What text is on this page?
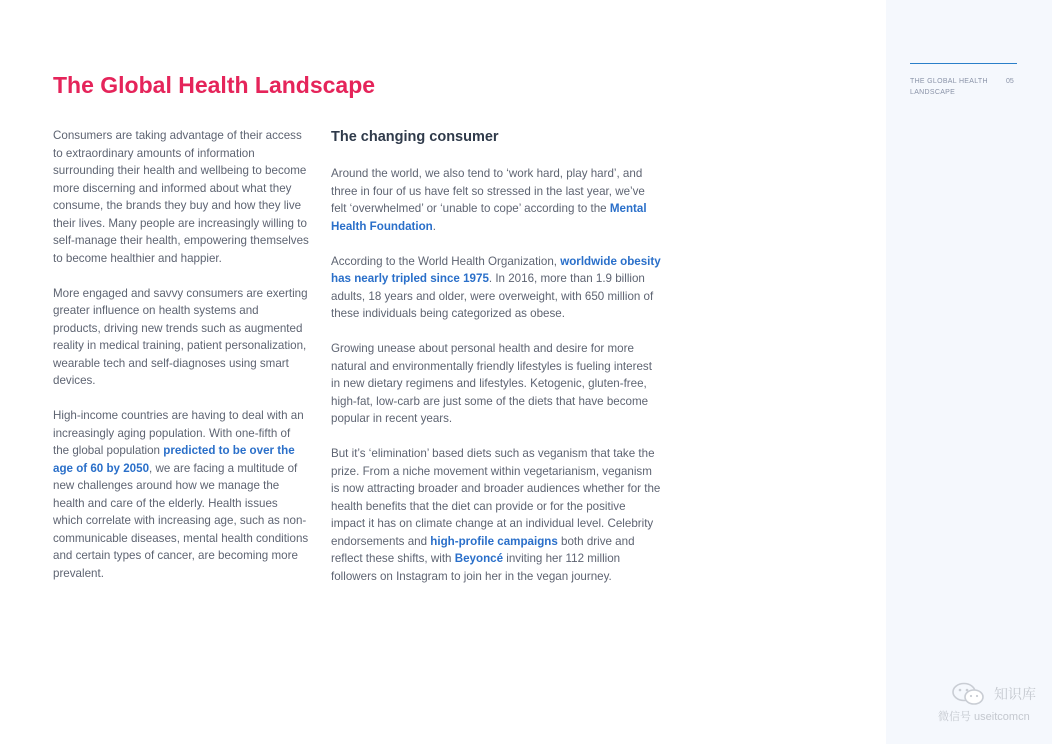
THE GLOBAL HEALTH LANDSCAPE
05
The Global Health Landscape

Consumers are taking advantage of their access to extraordinary amounts of information surrounding their health and wellbeing to become more discerning and informed about what they consume, the brands they buy and how they live their lives. Many people are increasingly willing to self-manage their health, empowering themselves to become healthier and happier.

More engaged and savvy consumers are exerting greater influence on health systems and products, driving new trends such as augmented reality in medical training, patient personalization, wearable tech and self-diagnoses using smart devices.

High-income countries are having to deal with an increasingly aging population. With one-fifth of the global population predicted to be over the age of 60 by 2050, we are facing a multitude of new challenges around how we manage the health and care of the elderly. Health issues which correlate with increasing age, such as non-communicable diseases, mental health conditions and certain types of cancer, are becoming more prevalent.

The changing consumer

Around the world, we also tend to ‘work hard, play hard’, and three in four of us have felt so stressed in the last year, we’ve felt ‘overwhelmed’ or ‘unable to cope’ according to the Mental Health Foundation.

According to the World Health Organization, worldwide obesity has nearly tripled since 1975. In 2016, more than 1.9 billion adults, 18 years and older, were overweight, with 650 million of these individuals being categorized as obese.

Growing unease about personal health and desire for more natural and environmentally friendly lifestyles is fueling interest in new dietary regimens and lifestyles. Ketogenic, gluten-free, high-fat, low-carb are just some of the diets that have become popular in recent years.

But it’s ‘elimination’ based diets such as veganism that take the prize. From a niche movement within vegetarianism, veganism is now attracting broader and broader audiences whether for the health benefits that the diet can provide or for the positive impact it has on climate change at an individual level. Celebrity endorsements and high-profile campaigns both drive and reflect these shifts, with Beyoncé inviting her 112 million followers on Instagram to join her in the vegan journey.

知识库
微信号 useitcomcn
